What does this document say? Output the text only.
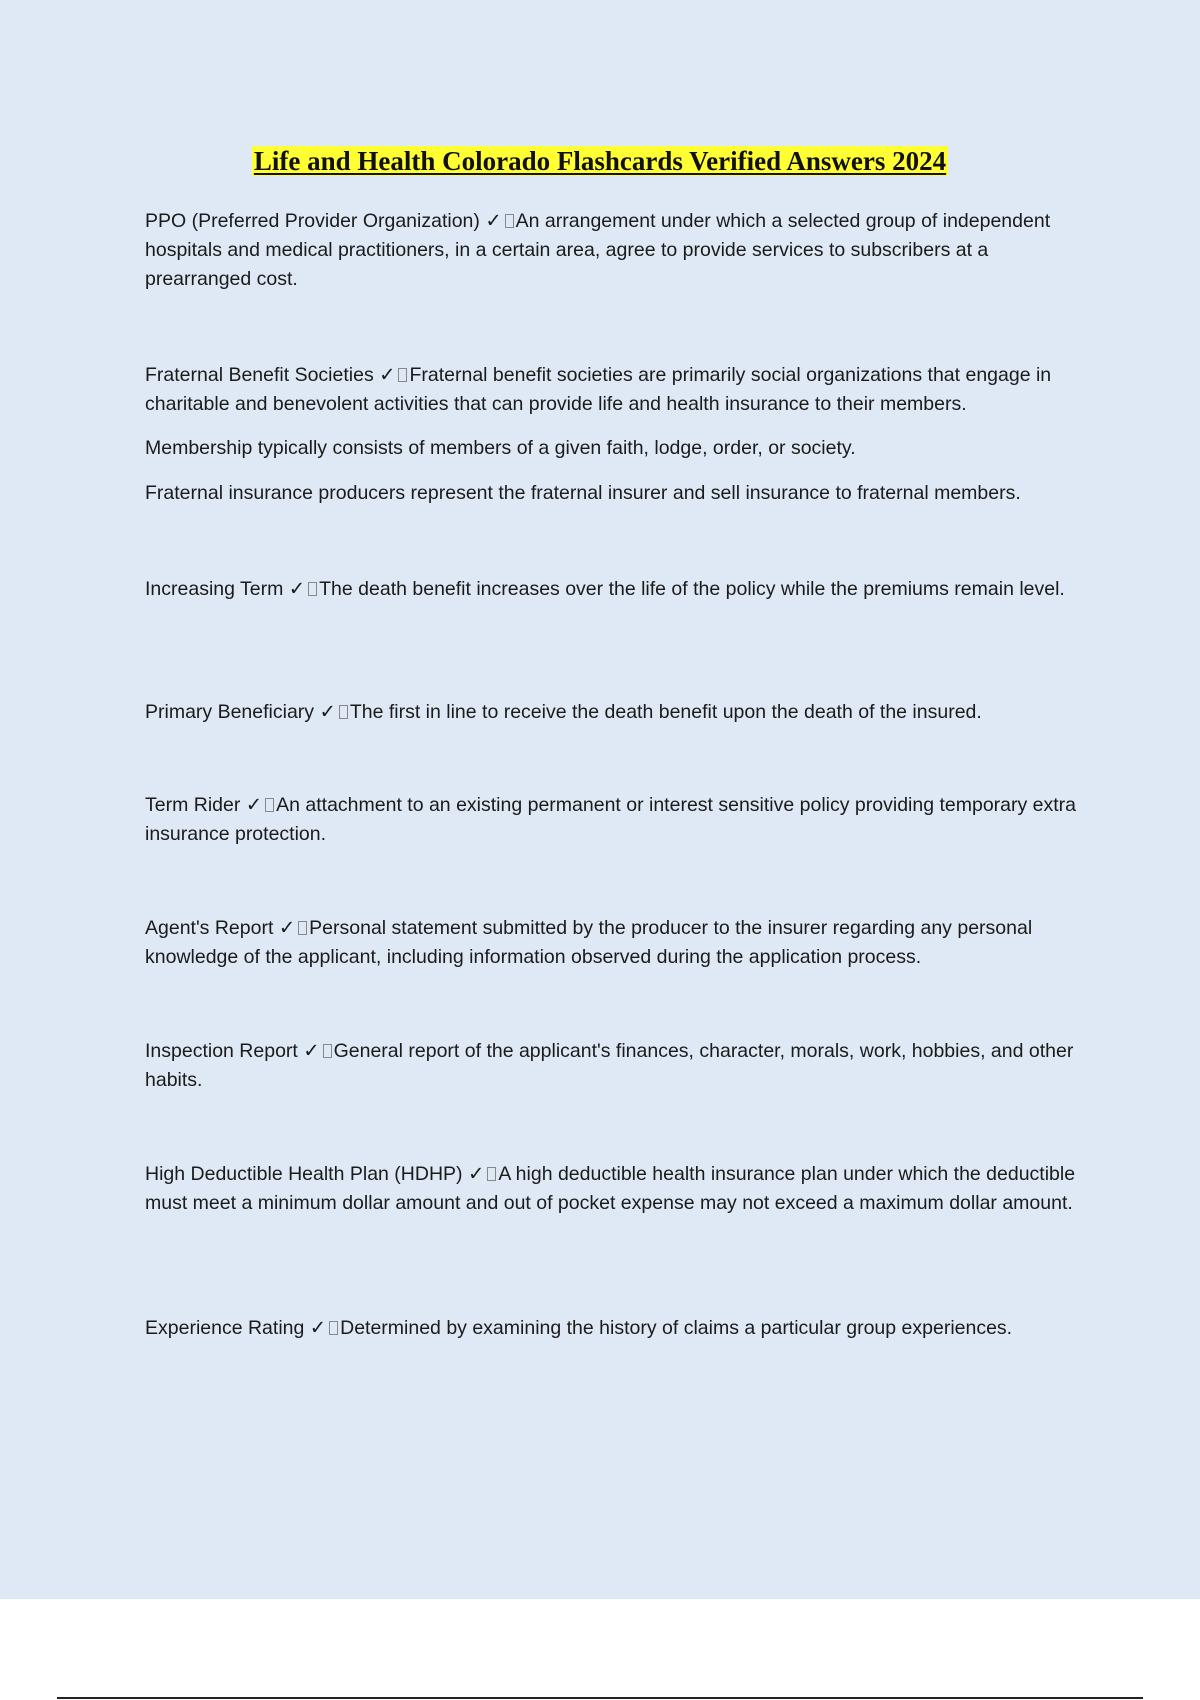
Life and Health Colorado Flashcards Verified Answers 2024

PPO (Preferred Provider Organization) ✓ An arrangement under which a selected group of independent hospitals and medical practitioners, in a certain area, agree to provide services to subscribers at a prearranged cost.

Fraternal Benefit Societies ✓ Fraternal benefit societies are primarily social organizations that engage in charitable and benevolent activities that can provide life and health insurance to their members.

Membership typically consists of members of a given faith, lodge, order, or society.

Fraternal insurance producers represent the fraternal insurer and sell insurance to fraternal members.

Increasing Term ✓ The death benefit increases over the life of the policy while the premiums remain level.

Primary Beneficiary ✓ The first in line to receive the death benefit upon the death of the insured.

Term Rider ✓ An attachment to an existing permanent or interest sensitive policy providing temporary extra insurance protection.

Agent's Report ✓ Personal statement submitted by the producer to the insurer regarding any personal knowledge of the applicant, including information observed during the application process.

Inspection Report ✓ General report of the applicant's finances, character, morals, work, hobbies, and other habits.

High Deductible Health Plan (HDHP) ✓ A high deductible health insurance plan under which the deductible must meet a minimum dollar amount and out of pocket expense may not exceed a maximum dollar amount.

Experience Rating ✓ Determined by examining the history of claims a particular group experiences.
